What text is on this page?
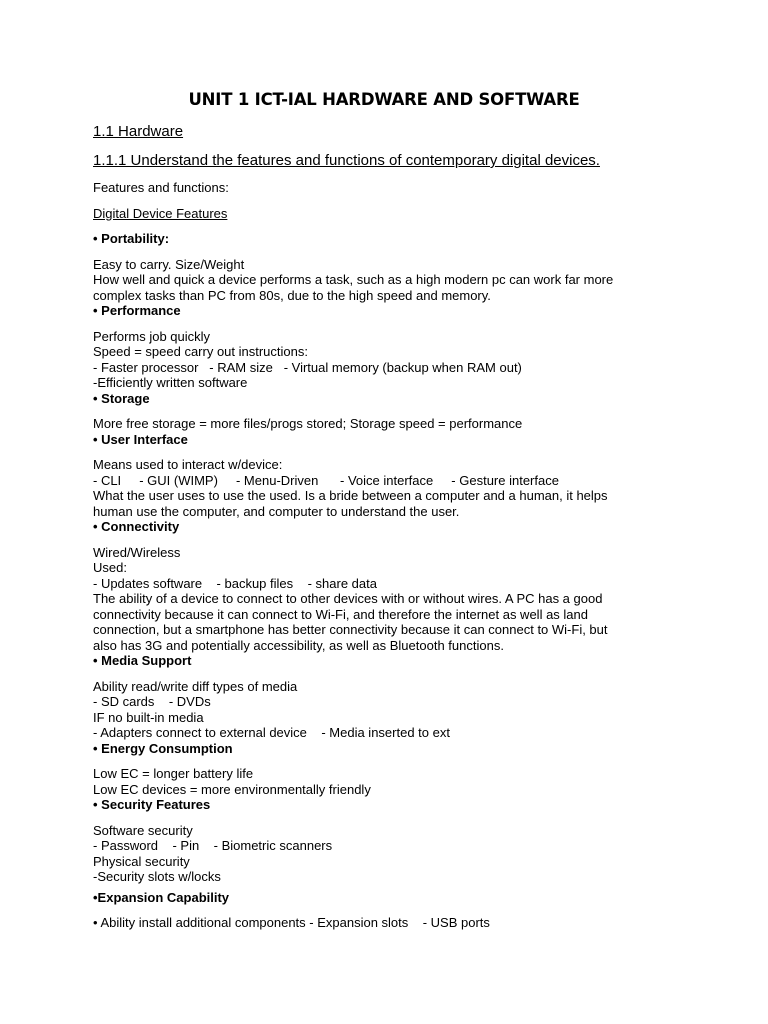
UNIT 1 ICT-IAL HARDWARE AND SOFTWARE
1.1 Hardware
1.1.1 Understand the features and functions of contemporary digital devices.
Features and functions:
Digital Device Features
• Portability:
Easy to carry. Size/Weight
How well and quick a device performs a task, such as a high modern pc can work far more
complex tasks than PC from 80s, due to the high speed and memory.
• Performance
Performs job quickly
Speed = speed carry out instructions:
- Faster processor   - RAM size   - Virtual memory (backup when RAM out)
-Efficiently written software
• Storage
More free storage = more files/progs stored; Storage speed = performance
• User Interface
Means used to interact w/device:
- CLI     - GUI (WIMP)     - Menu-Driven      - Voice interface     - Gesture interface
What the user uses to use the used. Is a bride between a computer and a human, it helps
human use the computer, and computer to understand the user.
• Connectivity
Wired/Wireless
Used:
- Updates software    - backup files    - share data
The ability of a device to connect to other devices with or without wires. A PC has a good
connectivity because it can connect to Wi-Fi, and therefore the internet as well as land
connection, but a smartphone has better connectivity because it can connect to Wi-Fi, but
also has 3G and potentially accessibility, as well as Bluetooth functions.
• Media Support
Ability read/write diff types of media
- SD cards    - DVDs
IF no built-in media
- Adapters connect to external device    - Media inserted to ext
• Energy Consumption
Low EC = longer battery life
Low EC devices = more environmentally friendly
• Security Features
Software security
- Password    - Pin    - Biometric scanners
Physical security
-Security slots w/locks
•Expansion Capability
• Ability install additional components - Expansion slots    - USB ports
